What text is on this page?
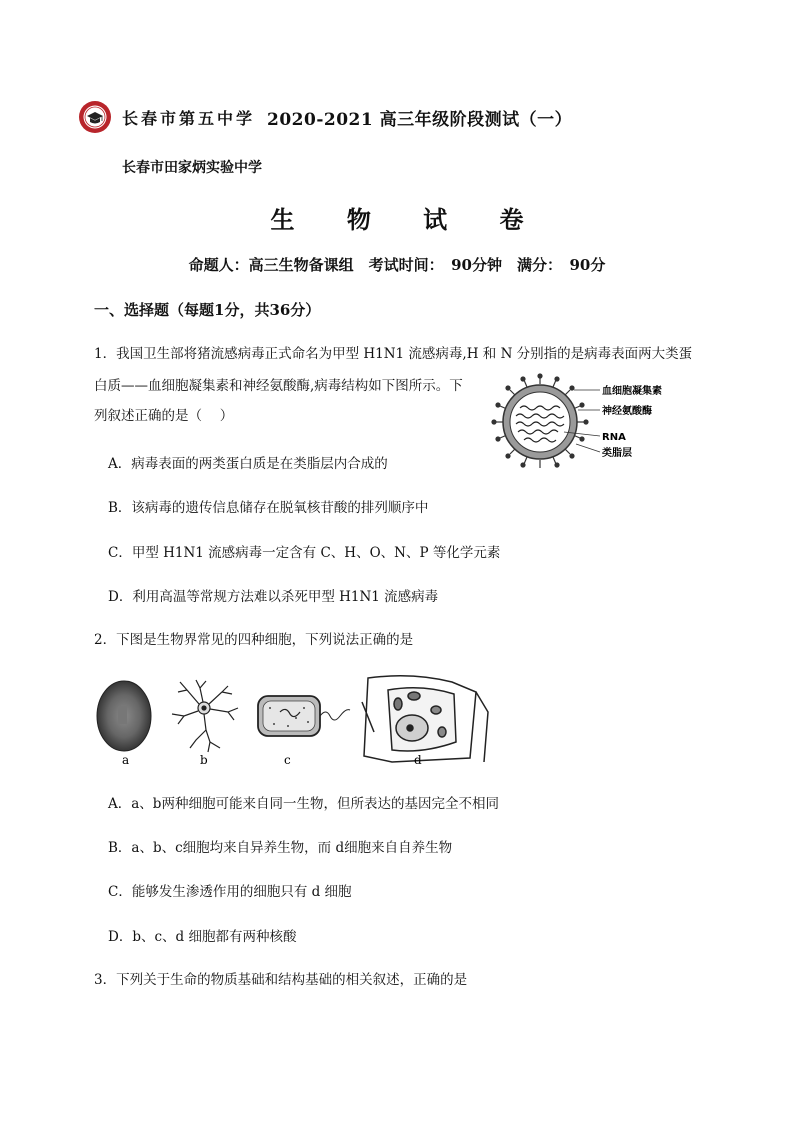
长春市第五中学 2020-2021 高三年级阶段测试（一）
长春市田家炳实验中学
生 物 试 卷
命题人：高三生物备课组　考试时间：　90分钟　满分：　90分
一、选择题（每题1分，共36分）
1．我国卫生部将猪流感病毒正式命名为甲型 H1N1 流感病毒,H 和 N 分别指的是病毒表面两大类蛋
白质——血细胞凝集素和神经氨酸酶,病毒结构如下图所示。下
列叙述正确的是（　 ）
血细胞凝集素
神经氨酸酶
RNA
类脂层
A．病毒表面的两类蛋白质是在类脂层内合成的
B．该病毒的遗传信息储存在脱氧核苷酸的排列顺序中
C．甲型 H1N1 流感病毒一定含有 C、H、O、N、P 等化学元素
D．利用高温等常规方法难以杀死甲型 H1N1 流感病毒
2．下图是生物界常见的四种细胞，下列说法正确的是
a	b	c	d
A．a、b两种细胞可能来自同一生物，但所表达的基因完全不相同
B．a、b、c细胞均来自异养生物，而 d细胞来自自养生物
C．能够发生渗透作用的细胞只有 d 细胞
D．b、c、d 细胞都有两种核酸
3．下列关于生命的物质基础和结构基础的相关叙述，正确的是
